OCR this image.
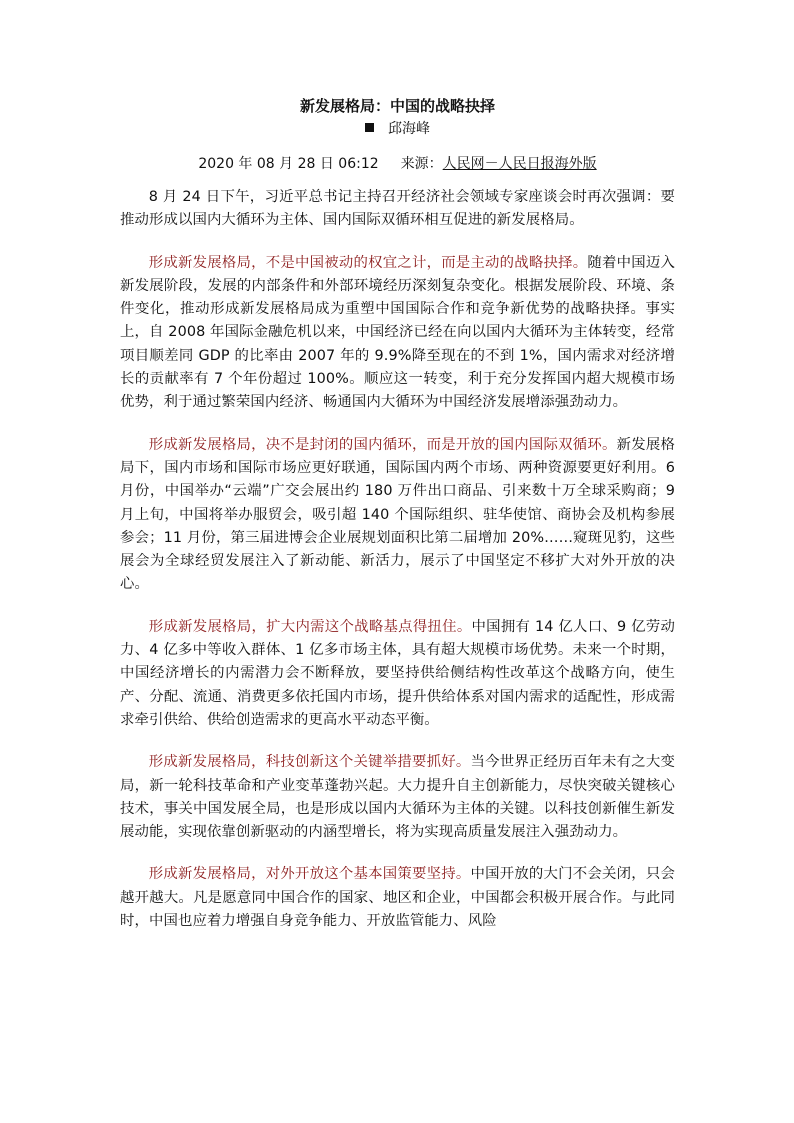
新发展格局：中国的战略抉择
邱海峰
2020 年 08 月 28 日 06:12 来源：人民网－人民日报海外版

8 月 24 日下午，习近平总书记主持召开经济社会领域专家座谈会时再次强调：要推动形成以国内大循环为主体、国内国际双循环相互促进的新发展格局。

形成新发展格局，不是中国被动的权宜之计，而是主动的战略抉择。随着中国迈入新发展阶段，发展的内部条件和外部环境经历深刻复杂变化。根据发展阶段、环境、条件变化，推动形成新发展格局成为重塑中国国际合作和竞争新优势的战略抉择。事实上，自 2008 年国际金融危机以来，中国经济已经在向以国内大循环为主体转变，经常项目顺差同 GDP 的比率由 2007 年的 9.9%降至现在的不到 1%，国内需求对经济增长的贡献率有 7 个年份超过 100%。顺应这一转变，利于充分发挥国内超大规模市场优势，利于通过繁荣国内经济、畅通国内大循环为中国经济发展增添强劲动力。

形成新发展格局，决不是封闭的国内循环，而是开放的国内国际双循环。新发展格局下，国内市场和国际市场应更好联通，国际国内两个市场、两种资源要更好利用。6 月份，中国举办“云端”广交会展出约 180 万件出口商品、引来数十万全球采购商；9 月上旬，中国将举办服贸会，吸引超 140 个国际组织、驻华使馆、商协会及机构参展参会；11 月份，第三届进博会企业展规划面积比第二届增加 20%……窥斑见豹，这些展会为全球经贸发展注入了新动能、新活力，展示了中国坚定不移扩大对外开放的决心。

形成新发展格局，扩大内需这个战略基点得扭住。中国拥有 14 亿人口、9 亿劳动力、4 亿多中等收入群体、1 亿多市场主体，具有超大规模市场优势。未来一个时期，中国经济增长的内需潜力会不断释放，要坚持供给侧结构性改革这个战略方向，使生产、分配、流通、消费更多依托国内市场，提升供给体系对国内需求的适配性，形成需求牵引供给、供给创造需求的更高水平动态平衡。

形成新发展格局，科技创新这个关键举措要抓好。当今世界正经历百年未有之大变局，新一轮科技革命和产业变革蓬勃兴起。大力提升自主创新能力，尽快突破关键核心技术，事关中国发展全局，也是形成以国内大循环为主体的关键。以科技创新催生新发展动能，实现依靠创新驱动的内涵型增长，将为实现高质量发展注入强劲动力。

形成新发展格局，对外开放这个基本国策要坚持。中国开放的大门不会关闭，只会越开越大。凡是愿意同中国合作的国家、地区和企业，中国都会积极开展合作。与此同时，中国也应着力增强自身竞争能力、开放监管能力、风险
